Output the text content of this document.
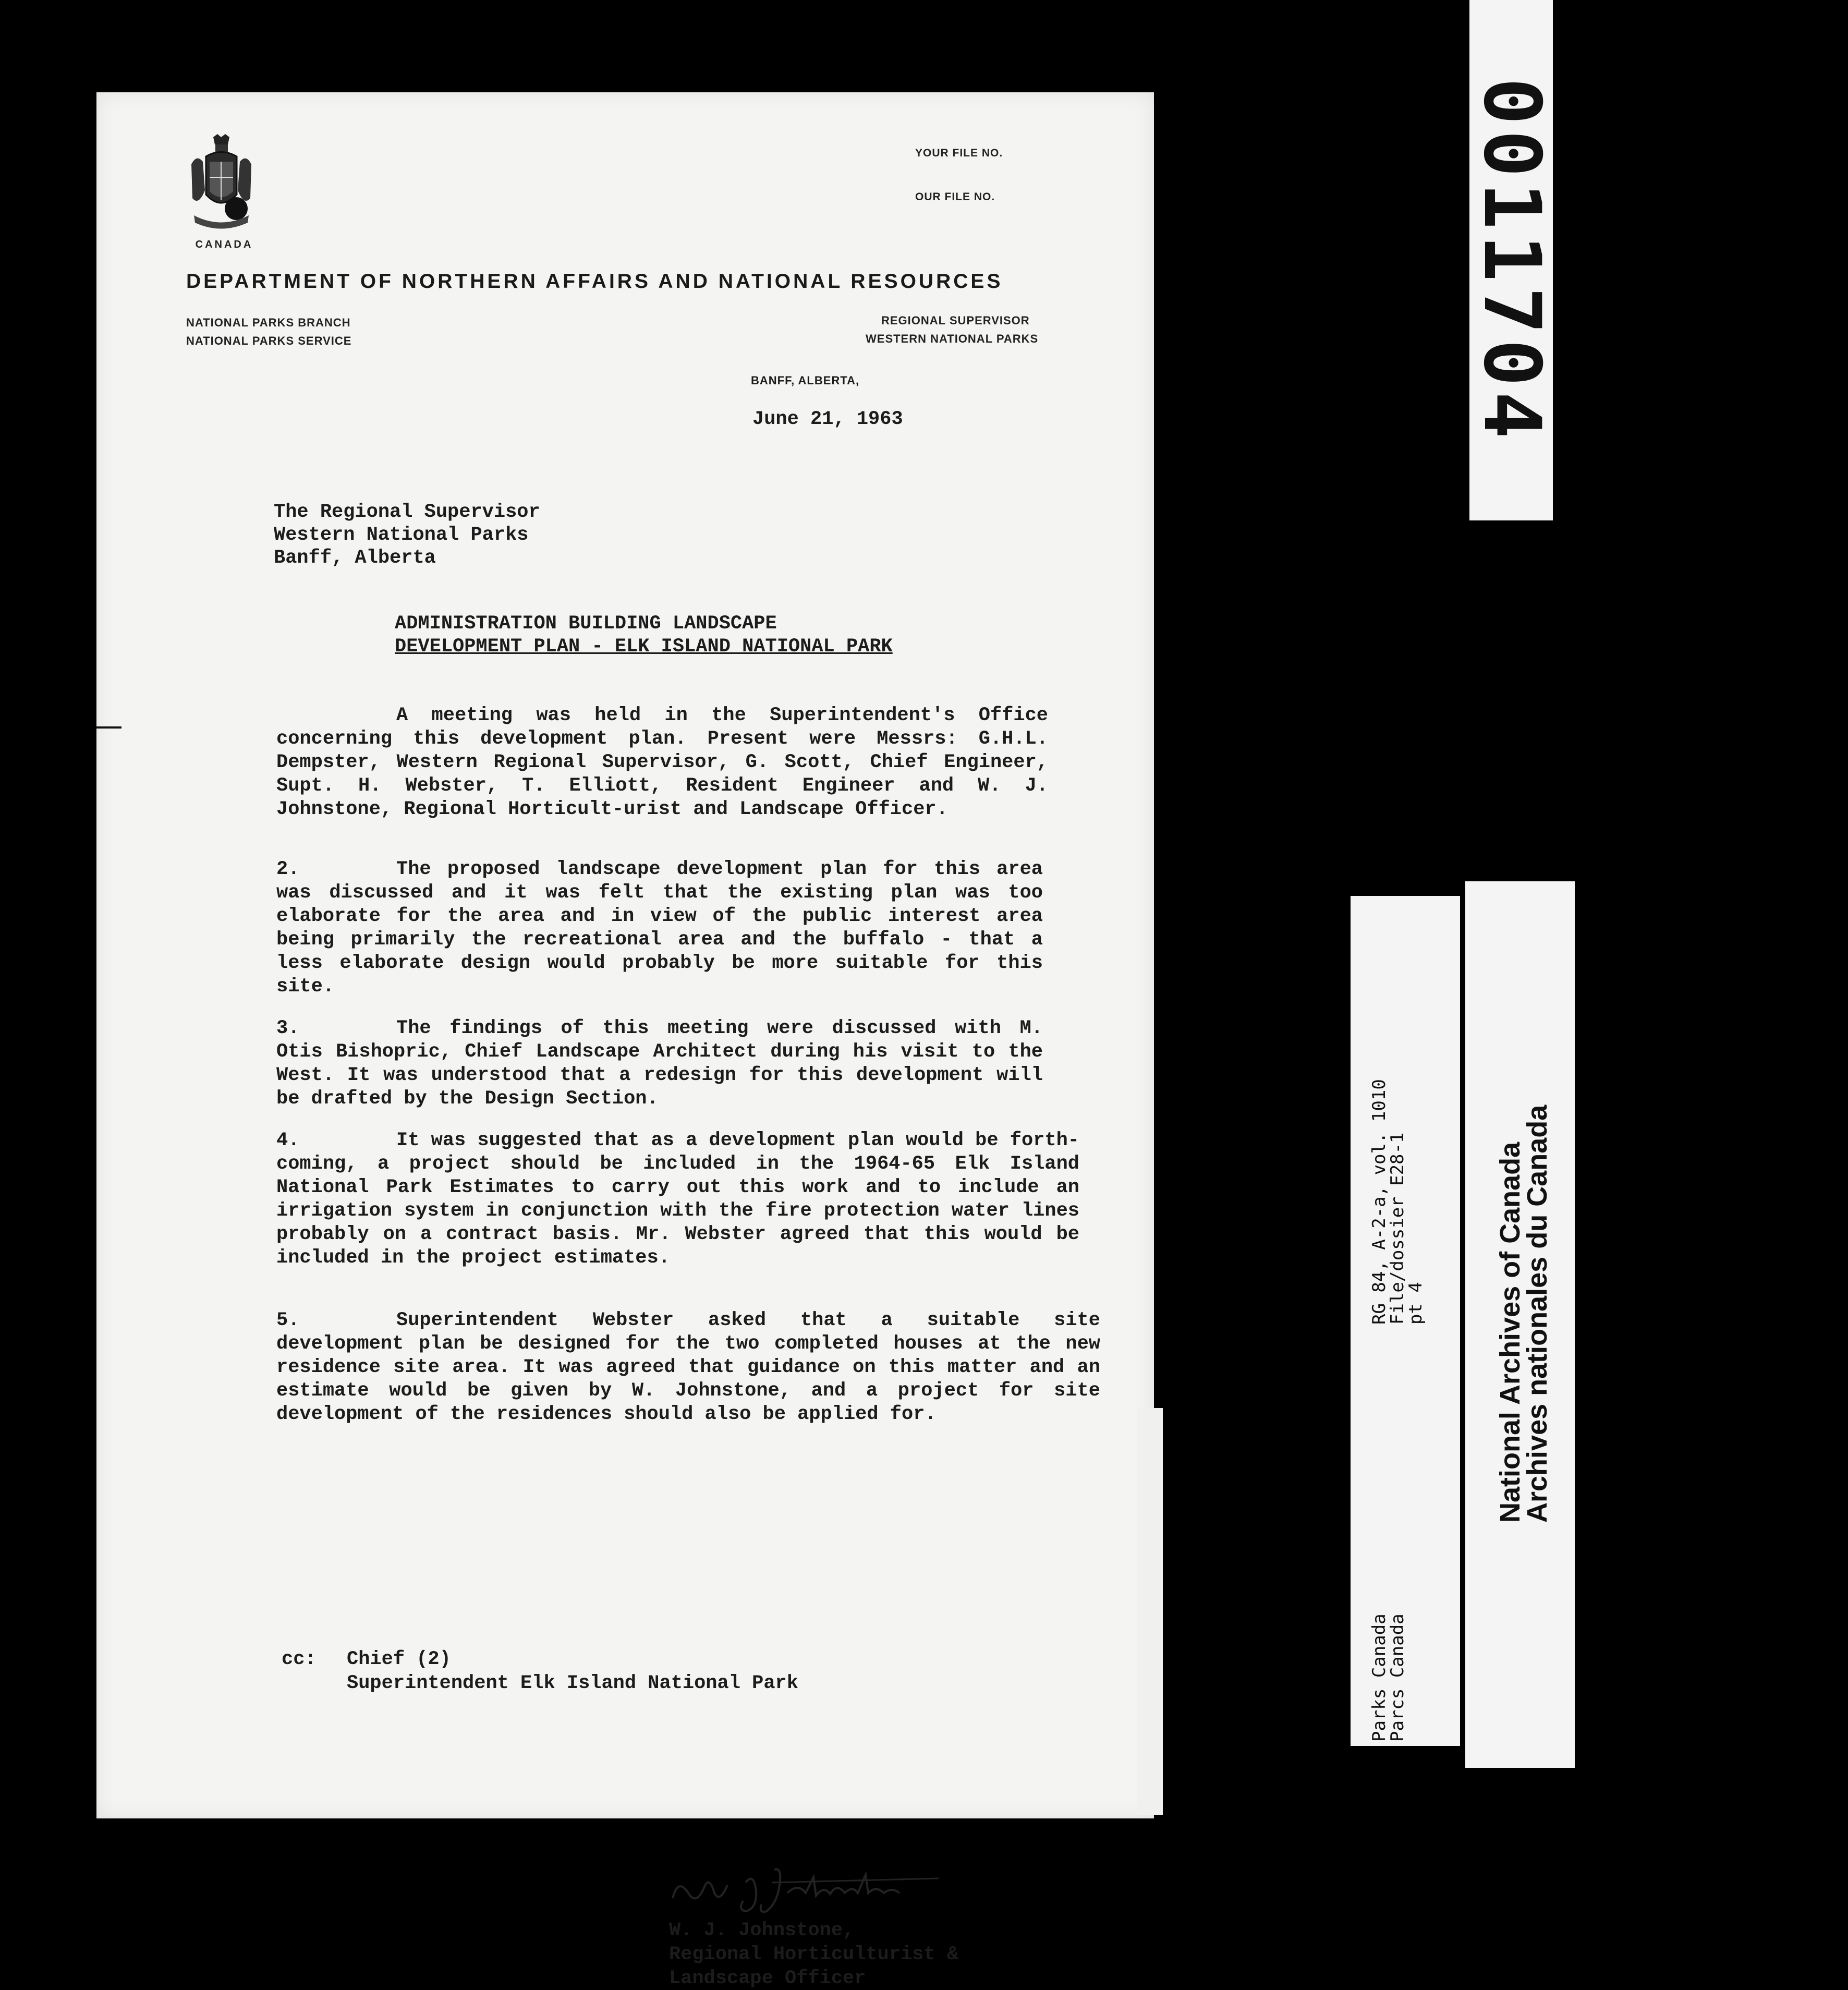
CANADA
YOUR FILE NO.
OUR FILE NO.
DEPARTMENT OF NORTHERN AFFAIRS AND NATIONAL RESOURCES
NATIONAL PARKS BRANCH
NATIONAL PARKS SERVICE
REGIONAL SUPERVISOR
WESTERN NATIONAL PARKS
BANFF, ALBERTA,
June 21, 1963
The Regional Supervisor
Western National Parks
Banff, Alberta
ADMINISTRATION BUILDING LANDSCAPE
DEVELOPMENT PLAN - ELK ISLAND NATIONAL PARK
A meeting was held in the Superintendent's Office concerning this development plan. Present were Messrs: G.H.L. Dempster, Western Regional Supervisor, G. Scott, Chief Engineer, Supt. H. Webster, T. Elliott, Resident Engineer and W. J. Johnstone, Regional Horticult-urist and Landscape Officer.
2.	The proposed landscape development plan for this area was discussed and it was felt that the existing plan was too elaborate for the area and in view of the public interest area being primarily the recreational area and the buffalo - that a less elaborate design would probably be more suitable for this site.
3.	The findings of this meeting were discussed with M. Otis Bishopric, Chief Landscape Architect during his visit to the West. It was understood that a redesign for this development will be drafted by the Design Section.
4.	It was suggested that as a development plan would be forth-coming, a project should be included in the 1964-65 Elk Island National Park Estimates to carry out this work and to include an irrigation system in conjunction with the fire protection water lines probably on a contract basis. Mr. Webster agreed that this would be included in the project estimates.
5.	Superintendent Webster asked that a suitable site development plan be designed for the two completed houses at the new residence site area. It was agreed that guidance on this matter and an estimate would be given by W. Johnstone, and a project for site development of the residences should also be applied for.
W. J. Johnstone,
Regional Horticulturist &
Landscape Officer
cc: Chief (2)
Superintendent Elk Island National Park
0011704
RG 84, A-2-a, vol. 1010
File/dossier E28-1
pt 4
Parks Canada
Parcs Canada
National Archives of Canada
Archives nationales du Canada
